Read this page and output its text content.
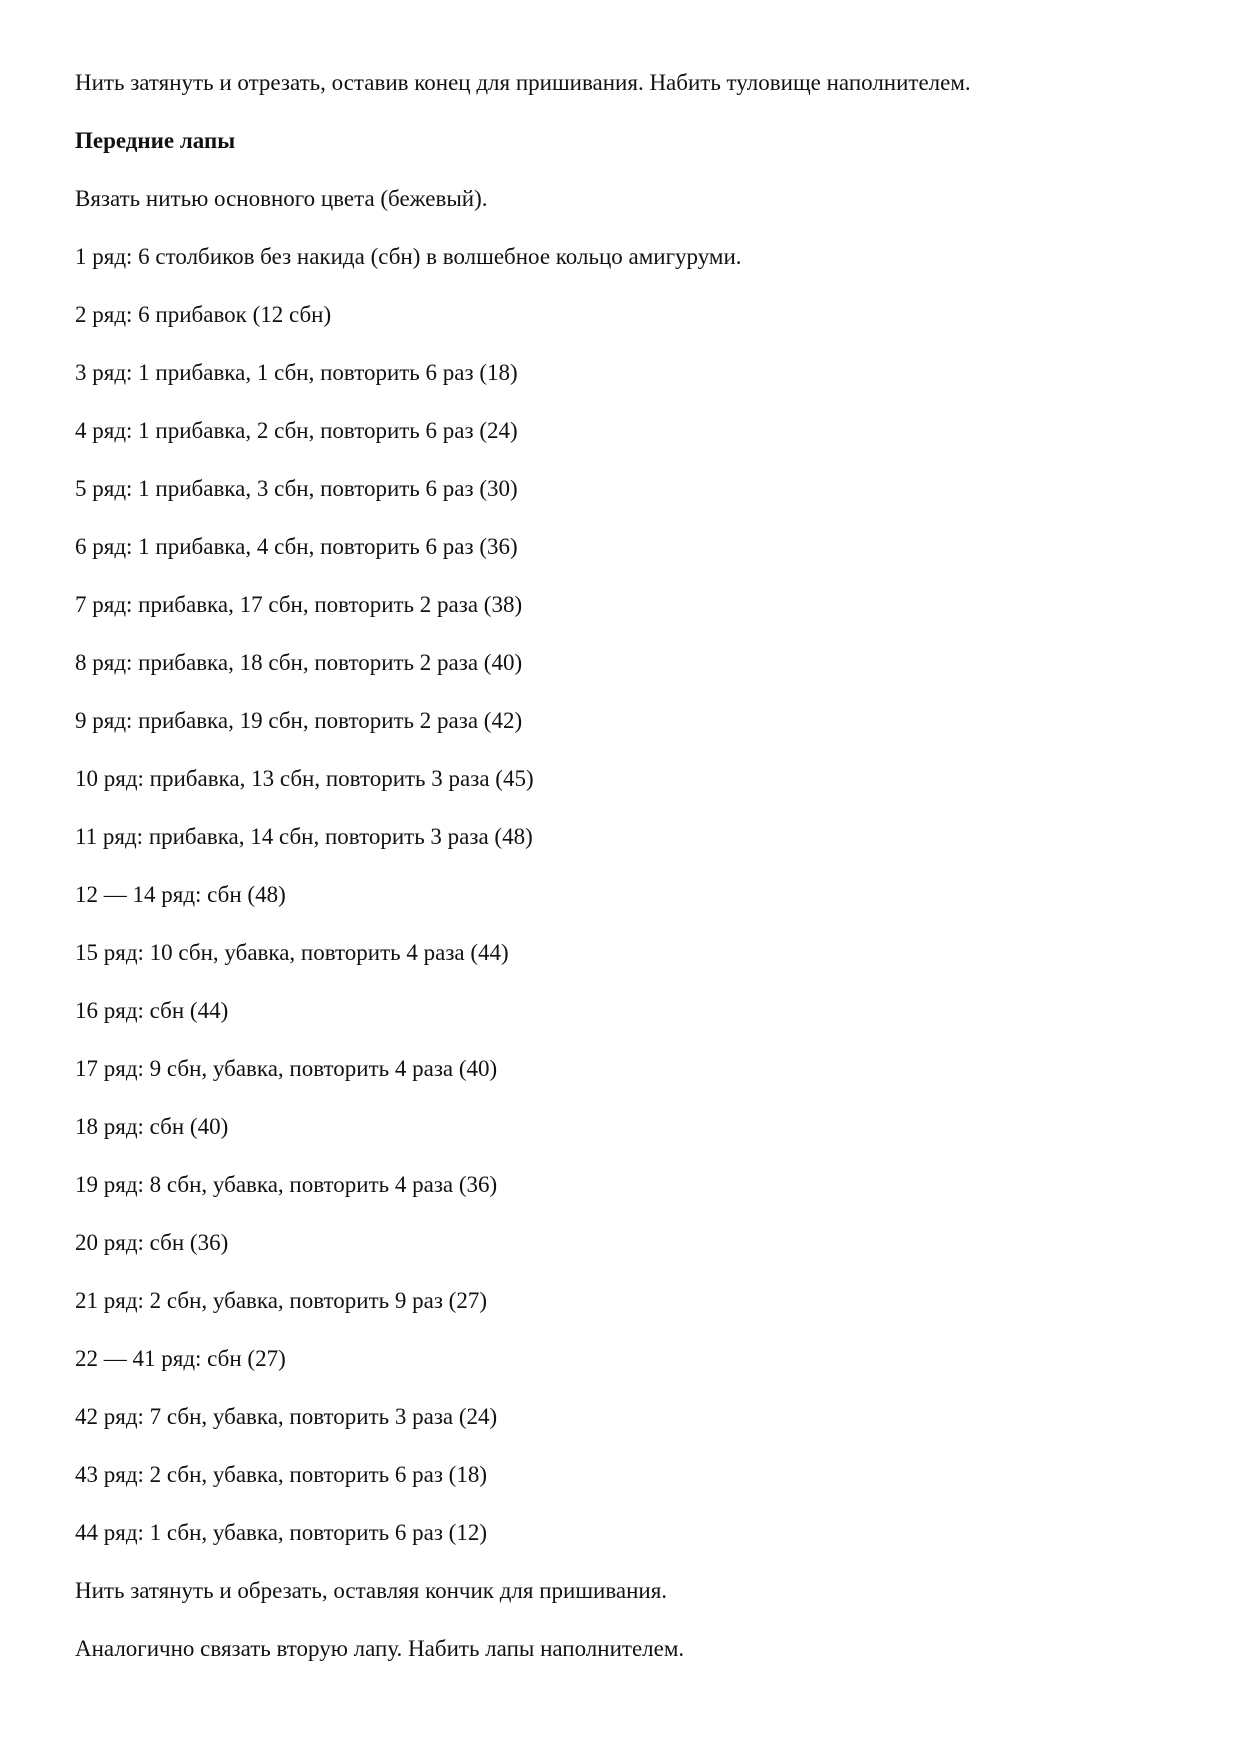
Нить затянуть и отрезать, оставив конец для пришивания. Набить туловище наполнителем.

Передние лапы

Вязать нитью основного цвета (бежевый).

1 ряд: 6 столбиков без накида (сбн) в волшебное кольцо амигуруми.
2 ряд: 6 прибавок (12 сбн)
3 ряд: 1 прибавка, 1 сбн, повторить 6 раз (18)
4 ряд: 1 прибавка, 2 сбн, повторить 6 раз (24)
5 ряд: 1 прибавка, 3 сбн, повторить 6 раз (30)
6 ряд: 1 прибавка, 4 сбн, повторить 6 раз (36)
7 ряд: прибавка, 17 сбн, повторить 2 раза (38)
8 ряд: прибавка, 18 сбн, повторить 2 раза (40)
9 ряд: прибавка, 19 сбн, повторить 2 раза (42)
10 ряд: прибавка, 13 сбн, повторить 3 раза (45)
11 ряд: прибавка, 14 сбн, повторить 3 раза (48)
12 — 14 ряд: сбн (48)
15 ряд: 10 сбн, убавка, повторить 4 раза (44)
16 ряд: сбн (44)
17 ряд: 9 сбн, убавка, повторить 4 раза (40)
18 ряд: сбн (40)
19 ряд: 8 сбн, убавка, повторить 4 раза (36)
20 ряд: сбн (36)
21 ряд: 2 сбн, убавка, повторить 9 раз (27)
22 — 41 ряд: сбн (27)
42 ряд: 7 сбн, убавка, повторить 3 раза (24)
43 ряд: 2 сбн, убавка, повторить 6 раз (18)
44 ряд: 1 сбн, убавка, повторить 6 раз (12)

Нить затянуть и обрезать, оставляя кончик для пришивания.

Аналогично связать вторую лапу. Набить лапы наполнителем.
